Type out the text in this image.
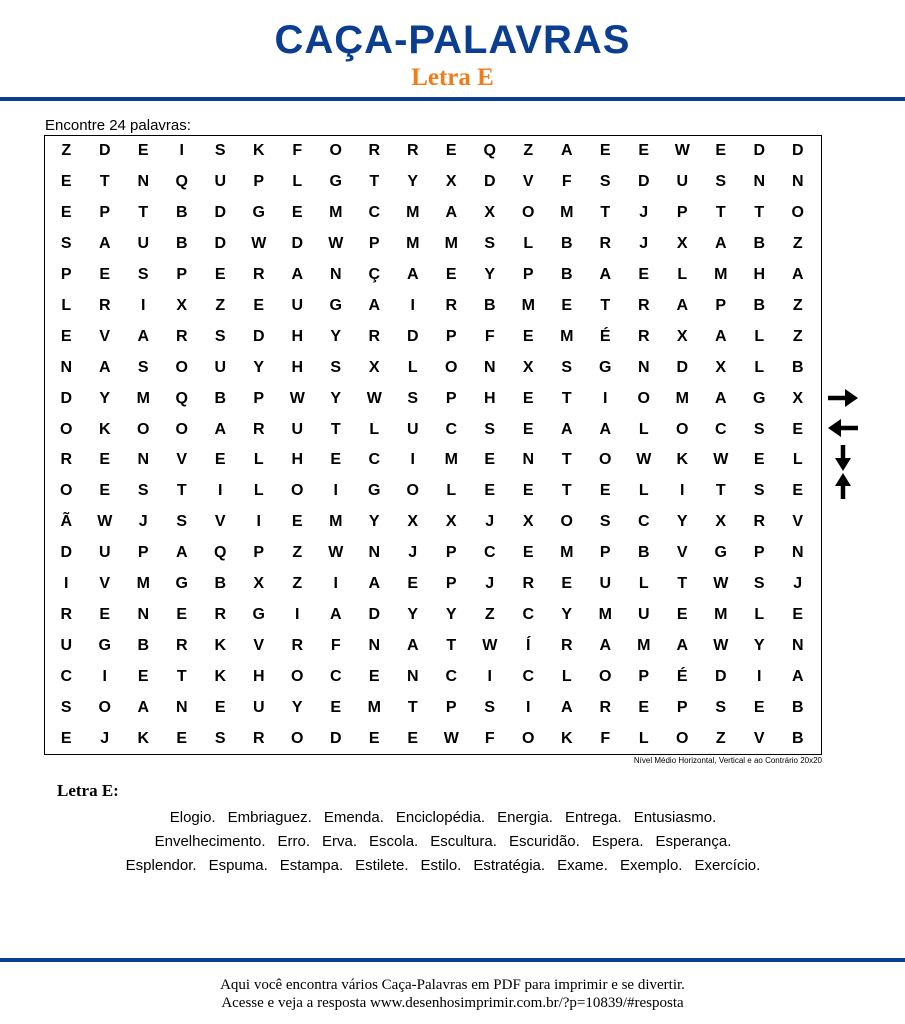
CAÇA-PALAVRAS
Letra E
Encontre 24 palavras:
Z	D	E	I	S	K	F	O	R	R	E	Q	Z	A	E	E	W	E	D	D
E	T	N	Q	U	P	L	G	T	Y	X	D	V	F	S	D	U	S	N	N
E	P	T	B	D	G	E	M	C	M	A	X	O	M	T	J	P	T	T	O
S	A	U	B	D	W	D	W	P	M	M	S	L	B	R	J	X	A	B	Z
P	E	S	P	E	R	A	N	Ç	A	E	Y	P	B	A	E	L	M	H	A
L	R	I	X	Z	E	U	G	A	I	R	B	M	E	T	R	A	P	B	Z
E	V	A	R	S	D	H	Y	R	D	P	F	E	M	É	R	X	A	L	Z
N	A	S	O	U	Y	H	S	X	L	O	N	X	S	G	N	D	X	L	B
D	Y	M	Q	B	P	W	Y	W	S	P	H	E	T	I	O	M	A	G	X
O	K	O	O	A	R	U	T	L	U	C	S	E	A	A	L	O	C	S	E
R	E	N	V	E	L	H	E	C	I	M	E	N	T	O	W	K	W	E	L
O	E	S	T	I	L	O	I	G	O	L	E	E	T	E	L	I	T	S	E
Ã	W	J	S	V	I	E	M	Y	X	X	J	X	O	S	C	Y	X	R	V
D	U	P	A	Q	P	Z	W	N	J	P	C	E	M	P	B	V	G	P	N
I	V	M	G	B	X	Z	I	A	E	P	J	R	E	U	L	T	W	S	J
R	E	N	E	R	G	I	A	D	Y	Y	Z	C	Y	M	U	E	M	L	E
U	G	B	R	K	V	R	F	N	A	T	W	Í	R	A	M	A	W	Y	N
C	I	E	T	K	H	O	C	E	N	C	I	C	L	O	P	É	D	I	A
S	O	A	N	E	U	Y	E	M	T	P	S	I	A	R	E	P	S	E	B
E	J	K	E	S	R	O	D	E	E	W	F	O	K	F	L	O	Z	V	B
Nível Médio Horizontal, Vertical e ao Contrário 20x20
Letra E:
Elogio. Embriaguez. Emenda. Enciclopédia. Energia. Entrega. Entusiasmo.
Envelhecimento. Erro. Erva. Escola. Escultura. Escuridão. Espera. Esperança.
Esplendor. Espuma. Estampa. Estilete. Estilo. Estratégia. Exame. Exemplo. Exercício.
Aqui você encontra vários Caça-Palavras em PDF para imprimir e se divertir.
Acesse e veja a resposta www.desenhosimprimir.com.br/?p=10839/#resposta
